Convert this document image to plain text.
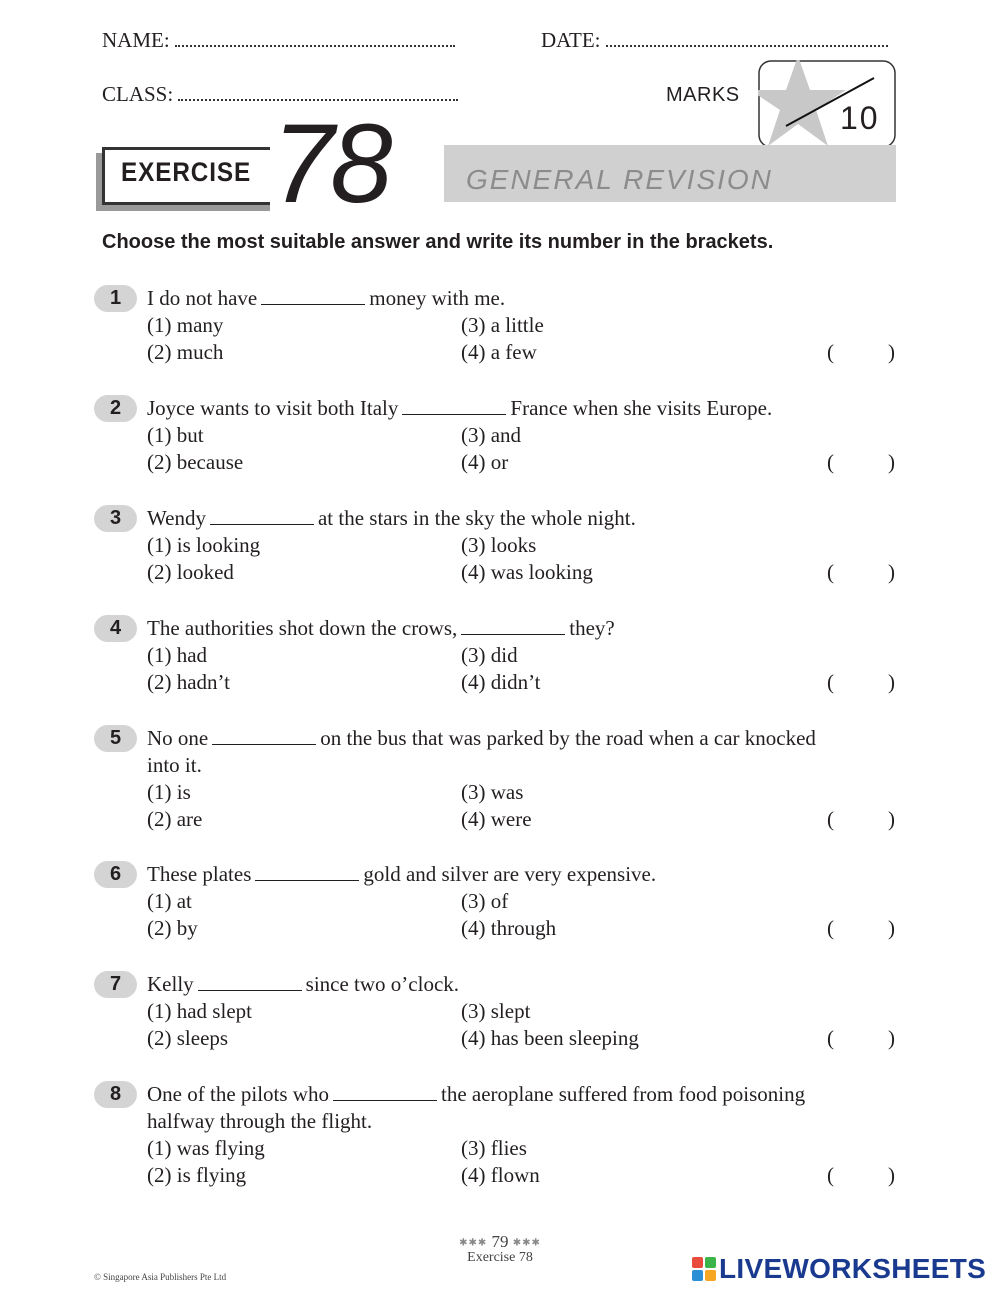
NAME:	DATE:
CLASS:	MARKS
10
GENERAL REVISION
EXERCISE 78
Choose the most suitable answer and write its number in the brackets.
1	I do not have	money with me.
(1) many	(3) a little
(2) much	(4) a few	(	)
2	Joyce wants to visit both Italy	France when she visits Europe.
(1) but	(3) and
(2) because	(4) or	(	)
3	Wendy	at the stars in the sky the whole night.
(1) is looking	(3) looks
(2) looked	(4) was looking	(	)
4	The authorities shot down the crows,	they?
(1) had	(3) did
(2) hadn’t	(4) didn’t	(	)
5	No one	on the bus that was parked by the road when a car knocked
into it.
(1) is	(3) was
(2) are	(4) were	(	)
6	These plates	gold and silver are very expensive.
(1) at	(3) of
(2) by	(4) through	(	)
7	Kelly	since two o’clock.
(1) had slept	(3) slept
(2) sleeps	(4) has been sleeping	(	)
8	One of the pilots who	the aeroplane suffered from food poisoning
halfway through the flight.
(1) was flying	(3) flies
(2) is flying	(4) flown	(	)
✱✱✱ 79 ✱✱✱
Exercise 78
© Singapore Asia Publishers Pte Ltd	LIVEWORKSHEETS
